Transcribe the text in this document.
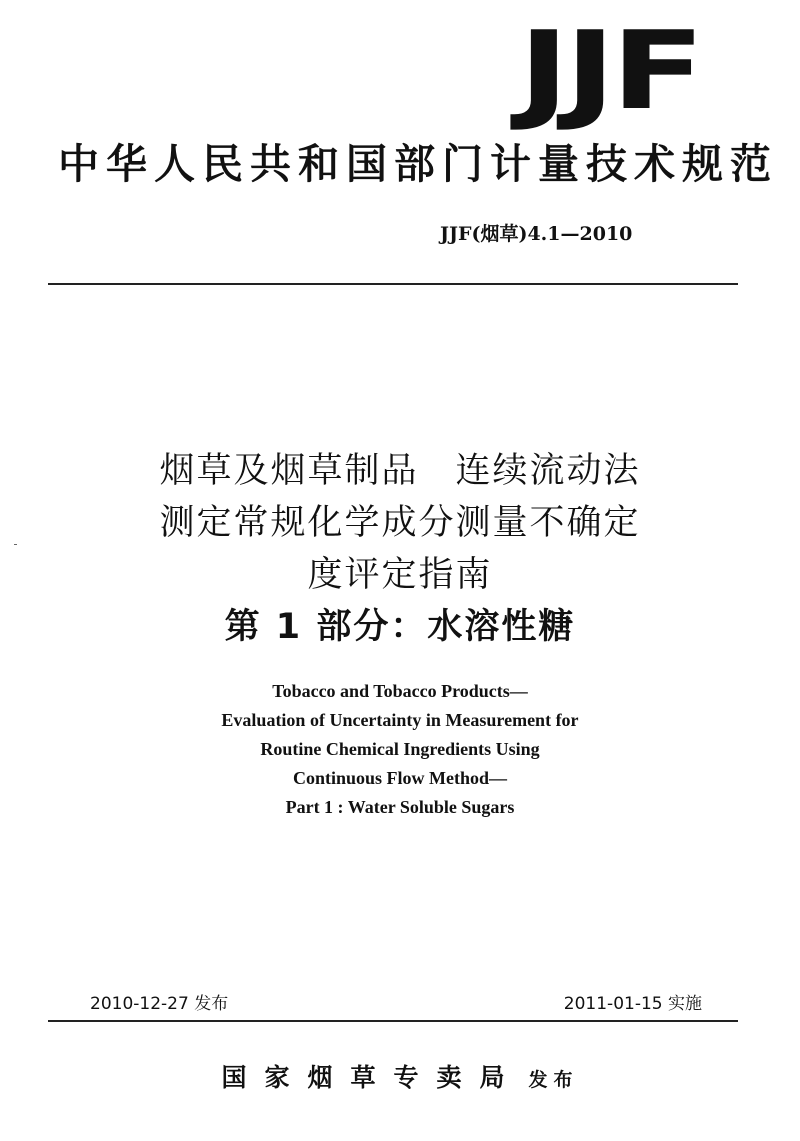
JJF
中华人民共和国部门计量技术规范
JJF(烟草)4.1—2010
烟草及烟草制品　连续流动法
测定常规化学成分测量不确定
度评定指南
第 1 部分：水溶性糖
Tobacco and Tobacco Products—
Evaluation of Uncertainty in Measurement for
Routine Chemical Ingredients Using
Continuous Flow Method—
Part 1 : Water Soluble Sugars
2010-12-27 发布	2011-01-15 实施
国家烟草专卖局 发布
